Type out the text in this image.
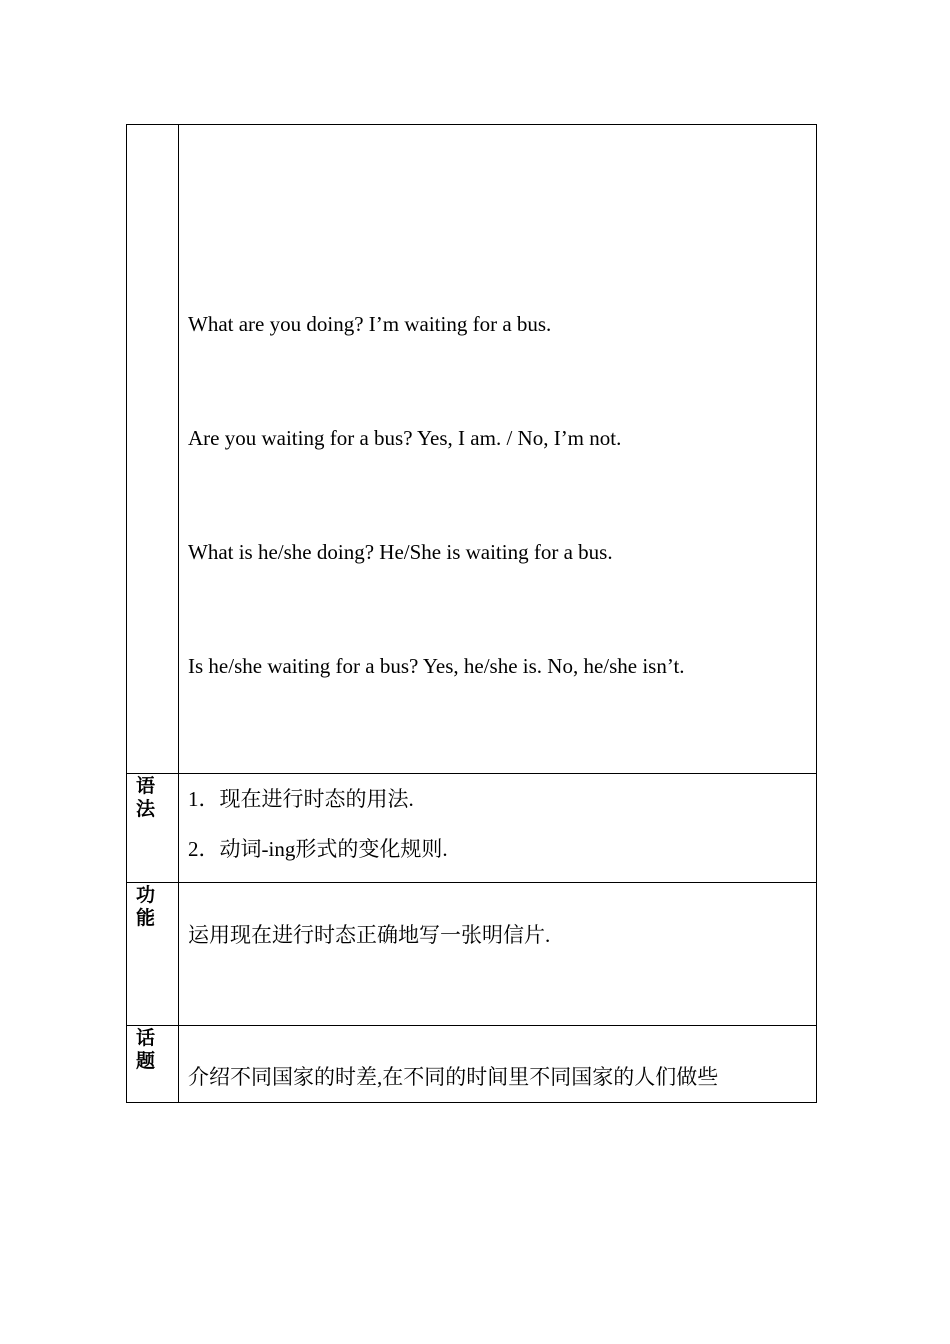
	What are you doing? I’m waiting for a bus.
Are you waiting for a bus? Yes, I am. / No, I’m not.
What is he/she doing? He/She is waiting for a bus.
Is he/she waiting for a bus? Yes, he/she is. No, he/she isn’t.

语法	1．现在进行时态的用法.
2．动词-ing形式的变化规则.

功能	运用现在进行时态正确地写一张明信片.

话题	介绍不同国家的时差,在不同的时间里不同国家的人们做些
